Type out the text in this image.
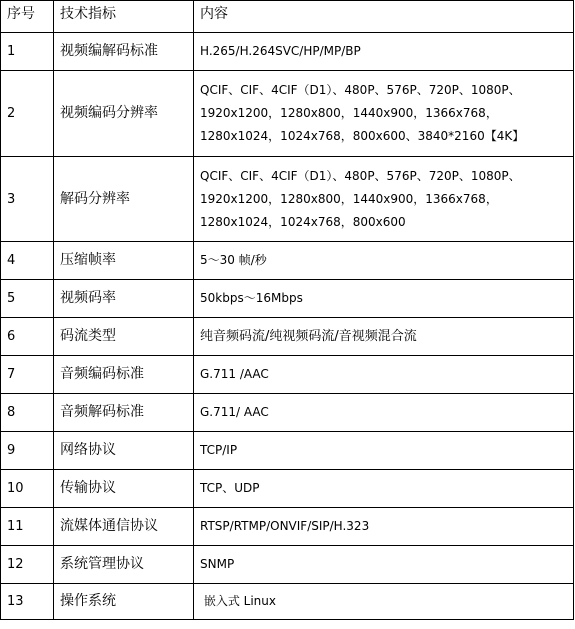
序号	技术指标	内容
1	视频编解码标准	H.265/H.264SVC/HP/MP/BP

2	视频编码分辨率	QCIF、CIF、4CIF（D1）、480P、576P、720P、1080P、
1920x1200，1280x800，1440x900，1366x768，
1280x1024，1024x768，800x600、3840*2160【4K】

3	解码分辨率	QCIF、CIF、4CIF（D1）、480P、576P、720P、1080P、
1920x1200，1280x800，1440x900，1366x768，
1280x1024，1024x768，800x600

4	压缩帧率	5～30 帧/秒

5	视频码率	50kbps～16Mbps

6	码流类型	纯音频码流/纯视频码流/音视频混合流

7	音频编码标准	G.711 /AAC

8	音频解码标准	G.711/ AAC

9	网络协议	TCP/IP

10	传输协议	TCP、UDP

11	流媒体通信协议	RTSP/RTMP/ONVIF/SIP/H.323

12	系统管理协议	SNMP

13	操作系统	嵌入式 Linux
